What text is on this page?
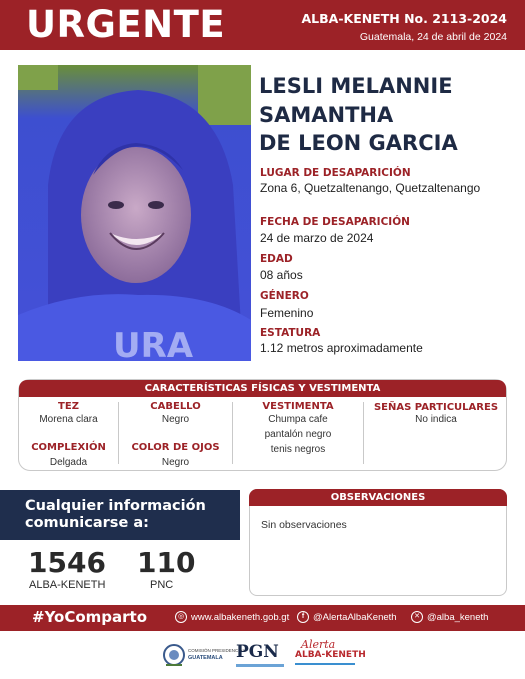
URGENTE	ALBA-KENETH No. 2113-2024
Guatemala, 24 de abril de 2024
URA
LESLI MELANNIE
SAMANTHA
DE LEON GARCIA
LUGAR DE DESAPARICIÓN
Zona 6, Quetzaltenango, Quetzaltenango
FECHA DE DESAPARICIÓN
24 de marzo de 2024
EDAD
08 años
GÉNERO
Femenino
ESTATURA
1.12 metros aproximadamente
CARACTERÍSTICAS FÍSICAS Y VESTIMENTA
TEZ
Morena clara
COMPLEXIÓN
Delgada
CABELLO
Negro
COLOR DE OJOS
Negro
VESTIMENTA
Chumpa cafe
pantalón negro
tenis negros
SEÑAS PARTICULARES
No indica
Cualquier información
comunicarse a:
1546
ALBA-KENETH
110
PNC
OBSERVACIONES
Sin observaciones
#YoComparto	◎ www.albakeneth.gob.gt	f @AlertaAlbaKeneth	✕ @alba_keneth
COMISIÓN PRESIDENCIAL
GUATEMALA PGN Alerta
ALBA-KENETH
